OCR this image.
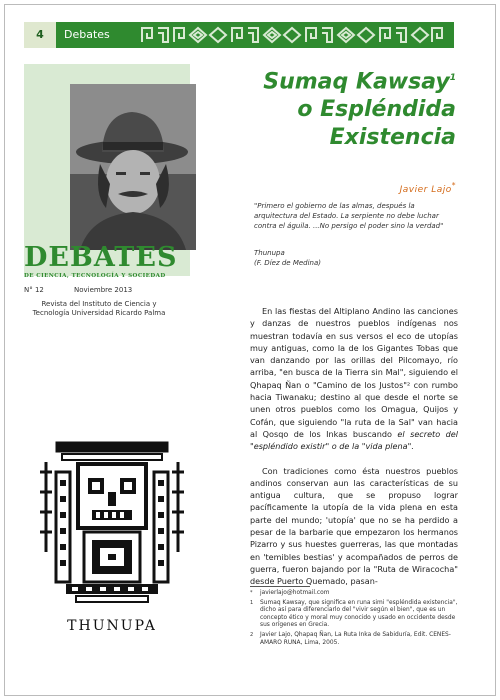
4	Debates
DEBATES
DE CIENCIA, TECNOLOGÍA Y SOCIEDAD
N° 12	Noviembre 2013
Revista del Instituto de Ciencia y Tecnología Universidad Ricardo Palma
THUNUPA
Sumaq Kawsay$^1$
o Espléndida
Existencia
Javier Lajo*
"Primero el gobierno de las almas, después la arquitectura del Estado. La serpiente no debe luchar contra el águila. ...No persigo el poder sino la verdad"
Thunupa
(F. Díez de Medina)

En las fiestas del Altiplano Andino las canciones y danzas de nuestros pueblos indígenas nos muestran todavía en sus versos el eco de utopías muy antiguas, como la de los Gigantes Tobas que van danzando por las orillas del Pilcomayo, río arriba, "en busca de la Tierra sin Mal", siguiendo el Qhapaq Ñan o "Camino de los Justos"² con rumbo hacia Tiwanaku; destino al que desde el norte se unen otros pueblos como los Omagua, Quijos y Cofán, que siguiendo "la ruta de la Sal" van hacia al Qosqo de los Inkas buscando el secreto del "espléndido existir" o de la "vida plena".

Con tradiciones como ésta nuestros pueblos andinos conservan aun las características de su antigua cultura, que se propuso lograr pacíficamente la utopía de la vida plena en esta parte del mundo; 'utopía' que no se ha perdido a pesar de la barbarie que empezaron los hermanos Pizarro y sus huestes guerreras, las que montadas en 'temibles bestias' y acompañados de perros de guerra, fueron bajando por la "Ruta de Wiracocha" desde Puerto Quemado, pasan-

* javierlajo@hotmail.com
1 Sumaq Kawsay, que significa en runa simi "espléndida existencia", dicho así para diferenciarlo del "vivir según el bien", que es un concepto ético y moral muy conocido y usado en occidente desde sus orígenes en Grecia.
2 Javier Lajo, Qhapaq Ñan, La Ruta Inka de Sabiduría, Edit. CENES-AMARO RUNA, Lima, 2005.
